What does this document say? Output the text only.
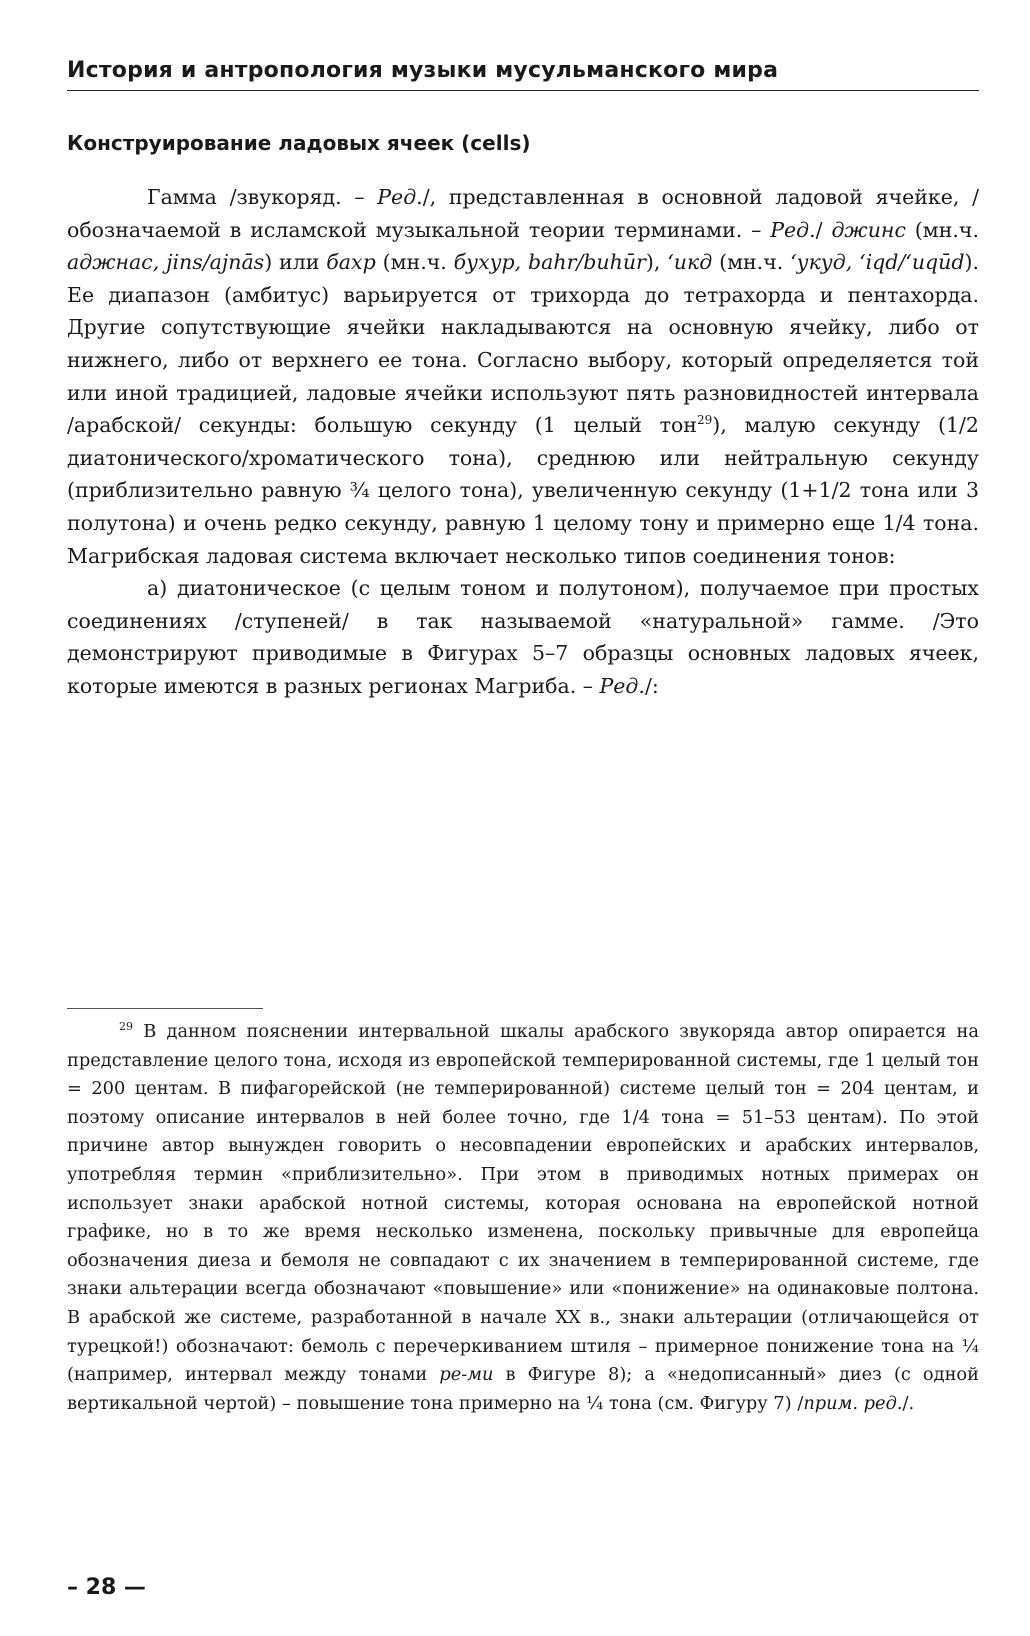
История и антропология музыки мусульманского мира
Конструирование ладовых ячеек (cells)

Гамма /звукоряд. – Ред./, представленная в основной ладовой ячейке, /обозначаемой в исламской музыкальной теории терминами. – Ред./ джинс (мн.ч. аджнас, jins/ajnās) или бахр (мн.ч. бухур, bahr/buhūr), ‘икд (мн.ч. ‘укуд, ‘iqd/‘uqūd). Ее диапазон (амбитус) варьируется от трихорда до тетрахорда и пентахорда. Другие сопутствующие ячейки накладываются на основную ячейку, либо от нижнего, либо от верхнего ее тона. Согласно выбору, который определяется той или иной традицией, ладовые ячейки используют пять разновидностей интервала /арабской/ секунды: большую секунду (1 целый тон$^{29}$), малую секунду (1/2 диатонического/хроматического тона), среднюю или нейтральную секунду (приблизительно равную ¾ целого тона), увеличенную секунду (1+1/2 тона или 3 полутона) и очень редко секунду, равную 1 целому тону и примерно еще 1/4 тона. Магрибская ладовая система включает несколько типов соединения тонов:

а) диатоническое (с целым тоном и полутоном), получаемое при простых соединениях /ступеней/ в так называемой «натуральной» гамме. /Это демонстрируют приводимые в Фигурах 5–7 образцы основных ладовых ячеек, которые имеются в разных регионах Магриба. – Ред./:

$^{29}$ В данном пояснении интервальной шкалы арабского звукоряда автор опирается на представление целого тона, исходя из европейской темперированной системы, где 1 целый тон = 200 центам. В пифагорейской (не темперированной) системе целый тон = 204 центам, и поэтому описание интервалов в ней более точно, где 1/4 тона = 51–53 центам). По этой причине автор вынужден говорить о несовпадении европейских и арабских интервалов, употребляя термин «приблизительно». При этом в приводимых нотных примерах он использует знаки арабской нотной системы, которая основана на европейской нотной графике, но в то же время несколько изменена, поскольку привычные для европейца обозначения диеза и бемоля не совпадают с их значением в темперированной системе, где знаки альтерации всегда обозначают «повышение» или «понижение» на одинаковые полтона. В арабской же системе, разработанной в начале XX в., знаки альтерации (отличающейся от турецкой!) обозначают: бемоль с перечеркиванием штиля – примерное понижение тона на ¼ (например, интервал между тонами ре-ми в Фигуре 8); а «недописанный» диез (с одной вертикальной чертой) – повышение тона примерно на ¼ тона (см. Фигуру 7) /прим. ред./.

– 28 —
